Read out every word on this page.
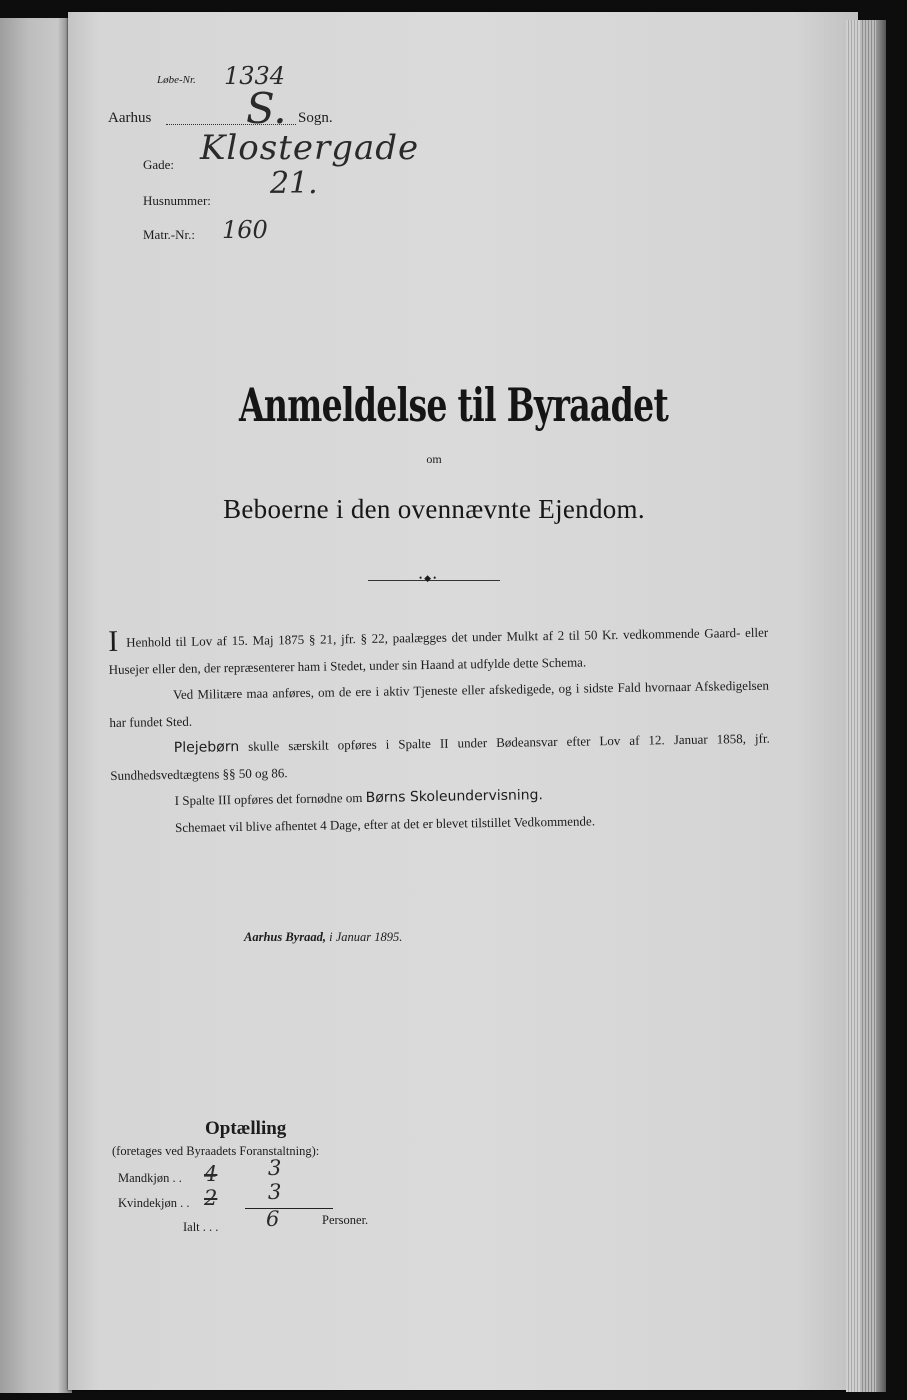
Løbe-Nr. 1334
Aarhus S. Sogn.
Gade: Klostergade
Husnummer: 21.
Matr.-Nr.: 160
Anmeldelse til Byraadet
om
Beboerne i den ovennævnte Ejendom.
•◆•

I Henhold til Lov af 15. Maj 1875 § 21, jfr. § 22, paalægges det under Mulkt af 2 til 50 Kr. vedkommende Gaard- eller Husejer eller den, der repræsenterer ham i Stedet, under sin Haand at udfylde dette Schema.

Ved Militære maa anføres, om de ere i aktiv Tjeneste eller afskedigede, og i sidste Fald hvornaar Afskedigelsen har fundet Sted.

Plejebørn skulle særskilt opføres i Spalte II under Bødeansvar efter Lov af 12. Januar 1858, jfr. Sundhedsvedtægtens §§ 50 og 86.

I Spalte III opføres det fornødne om Børns Skoleundervisning.

Schemaet vil blive afhentet 4 Dage, efter at det er blevet tilstillet Vedkommende.

Aarhus Byraad, i Januar 1895.
Optælling
(foretages ved Byraadets Foranstaltning):
Mandkjøn . . 4 3
Kvindekjøn . . 2 3
Ialt . . . 6	Personer.
